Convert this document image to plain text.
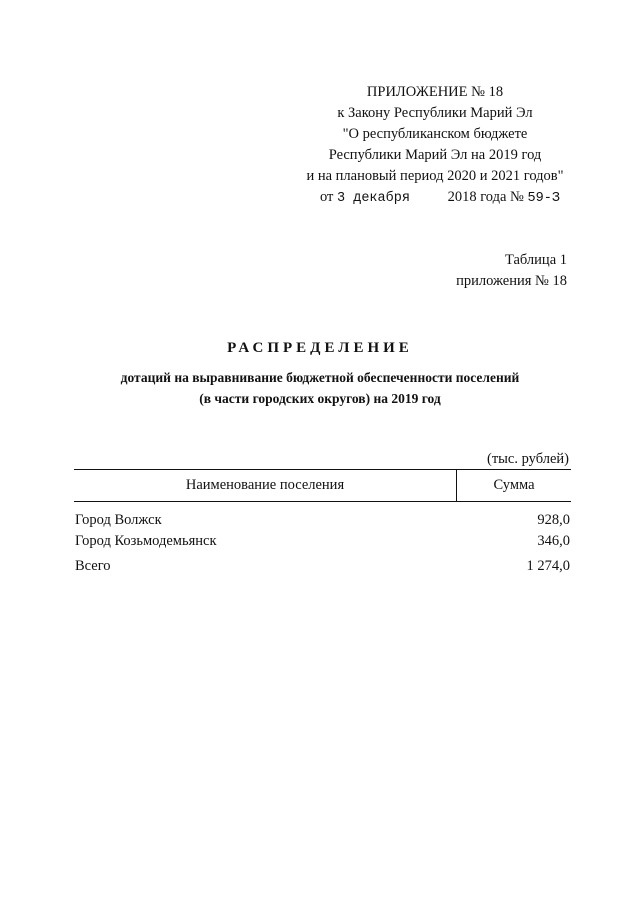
ПРИЛОЖЕНИЕ № 18
к Закону Республики Марий Эл
"О республиканском бюджете
Республики Марий Эл на 2019 год
и на плановый период 2020 и 2021 годов"
от 3 декабря	2018 года № 59-З
Таблица 1
приложения № 18
РАСПРЕДЕЛЕНИЕ
дотаций на выравнивание бюджетной обеспеченности поселений
(в части городских округов) на 2019 год
(тыс. рублей)
Наименование поселения	Сумма
Город Волжск	928,0
Город Козьмодемьянск	346,0
Всего	1 274,0
